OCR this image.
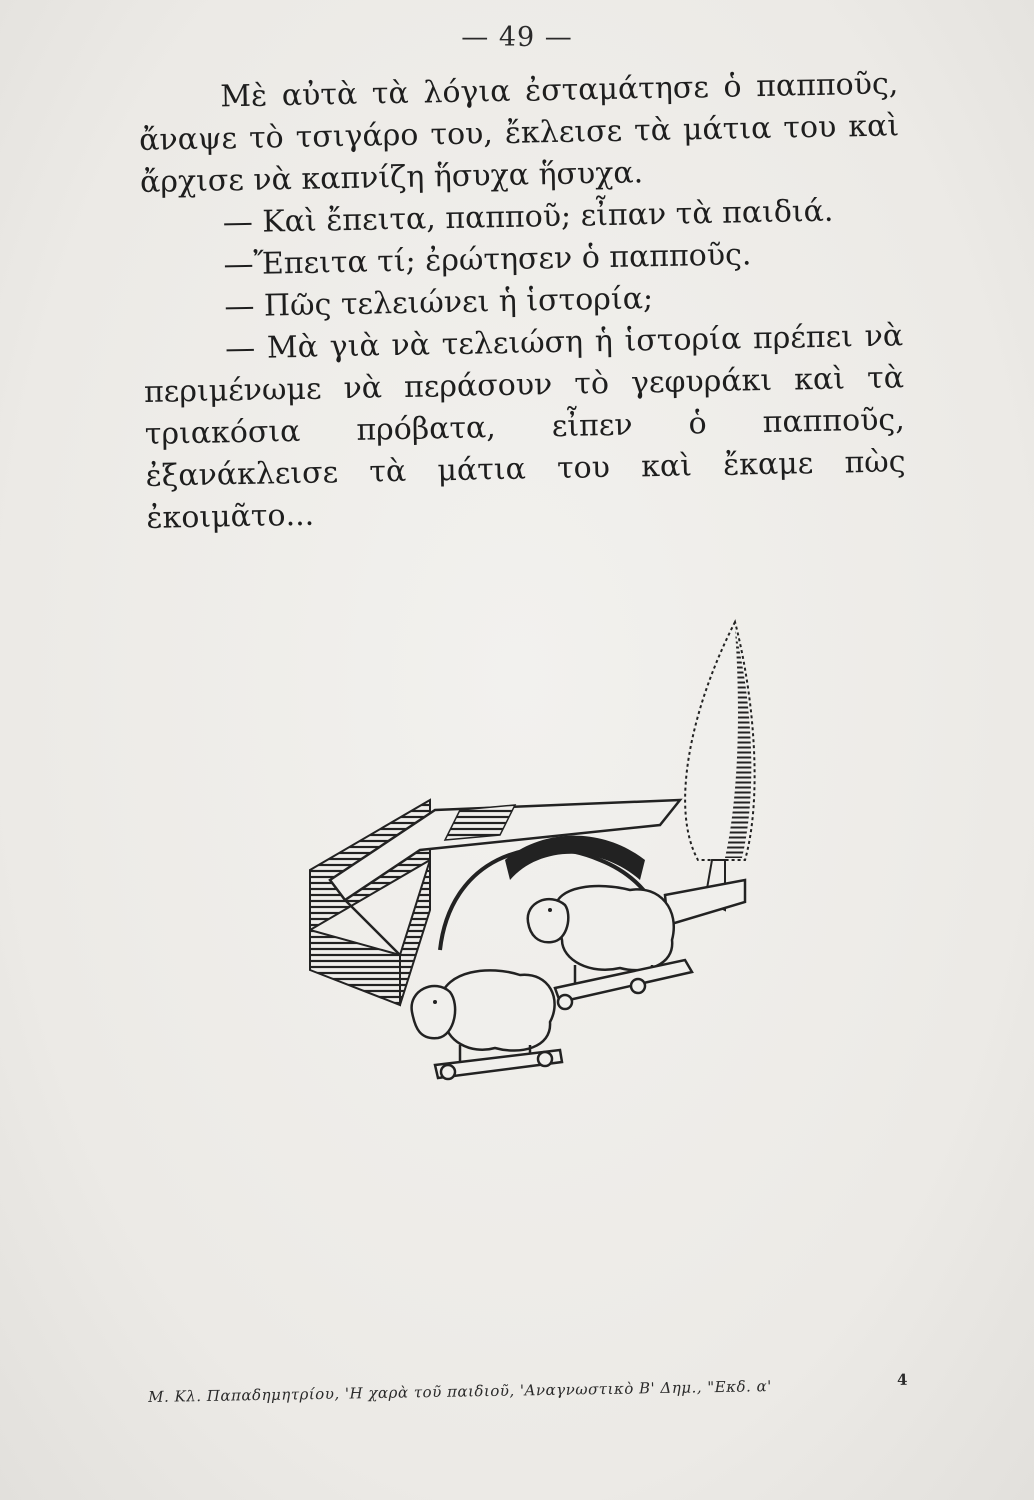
— 49 —

Μὲ αὐτὰ τὰ λόγια ἐσταμάτησε ὁ παπποῦς, ἄναψε τὸ τσιγάρο του, ἔκλεισε τὰ μάτια του καὶ ἄρχισε νὰ καπνίζη ἥσυχα ἥσυχα.

— Καὶ ἔπειτα, παπποῦ; εἶπαν τὰ παιδιά.

—Ἔπειτα τί; ἐρώτησεν ὁ παπποῦς.

— Πῶς τελειώνει ἡ ἱστορία;

— Μὰ γιὰ νὰ τελειώση ἡ ἱστορία πρέπει νὰ περιμένωμε νὰ περάσουν τὸ γεφυράκι καὶ τὰ τριακόσια πρόβατα, εἶπεν ὁ παπποῦς, ἐξανάκλεισε τὰ μάτια του καὶ ἔκαμε πὼς ἐκοιμᾶτο...

Μ. Κλ. Παπαδημητρίου, 'Η χαρὰ τοῦ παιδιοῦ, 'Αναγνωστικὸ Β' Δημ., "Εκδ. α'	4
